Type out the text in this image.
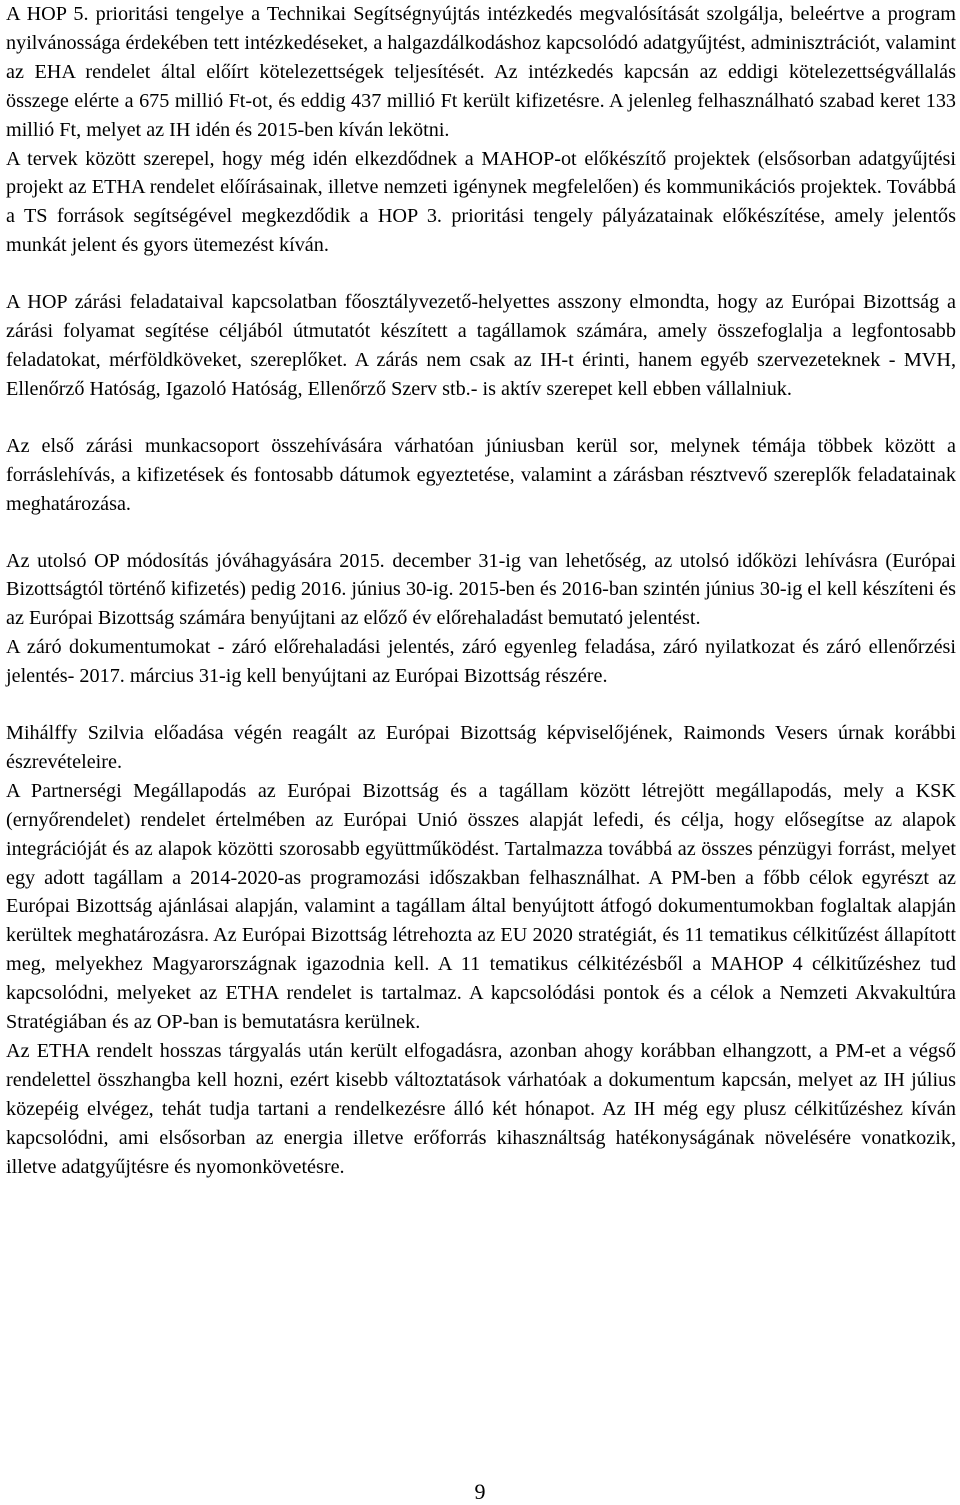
A HOP 5. prioritási tengelye a Technikai Segítségnyújtás intézkedés megvalósítását szolgálja, beleértve a program nyilvánossága érdekében tett intézkedéseket, a halgazdálkodáshoz kapcsolódó adatgyűjtést, adminisztrációt, valamint az EHA rendelet által előírt kötelezettségek teljesítését. Az intézkedés kapcsán az eddigi kötelezettségvállalás összege elérte a 675 millió Ft-ot, és eddig 437 millió Ft került kifizetésre. A jelenleg felhasználható szabad keret 133 millió Ft, melyet az IH idén és 2015-ben kíván lekötni.

A tervek között szerepel, hogy még idén elkezdődnek a MAHOP-ot előkészítő projektek (elsősorban adatgyűjtési projekt az ETHA rendelet előírásainak, illetve nemzeti igénynek megfelelően) és kommunikációs projektek. Továbbá a TS források segítségével megkezdődik a HOP 3. prioritási tengely pályázatainak előkészítése, amely jelentős munkát jelent és gyors ütemezést kíván.

A HOP zárási feladataival kapcsolatban főosztályvezető-helyettes asszony elmondta, hogy az Európai Bizottság a zárási folyamat segítése céljából útmutatót készített a tagállamok számára, amely összefoglalja a legfontosabb feladatokat, mérföldköveket, szereplőket. A zárás nem csak az IH-t érinti, hanem egyéb szervezeteknek - MVH, Ellenőrző Hatóság, Igazoló Hatóság, Ellenőrző Szerv stb.- is aktív szerepet kell ebben vállalniuk.

Az első zárási munkacsoport összehívására várhatóan júniusban kerül sor, melynek témája többek között a forráslehívás, a kifizetések és fontosabb dátumok egyeztetése, valamint a zárásban résztvevő szereplők feladatainak meghatározása.

Az utolsó OP módosítás jóváhagyására 2015. december 31-ig van lehetőség, az utolsó időközi lehívásra (Európai Bizottságtól történő kifizetés) pedig 2016. június 30-ig. 2015-ben és 2016-ban szintén június 30-ig el kell készíteni és az Európai Bizottság számára benyújtani az előző év előrehaladást bemutató jelentést.

A záró dokumentumokat - záró előrehaladási jelentés, záró egyenleg feladása, záró nyilatkozat és záró ellenőrzési jelentés- 2017. március 31-ig kell benyújtani az Európai Bizottság részére.

Mihálffy Szilvia előadása végén reagált az Európai Bizottság képviselőjének, Raimonds Vesers úrnak korábbi észrevételeire.

A Partnerségi Megállapodás az Európai Bizottság és a tagállam között létrejött megállapodás, mely a KSK (ernyőrendelet) rendelet értelmében az Európai Unió összes alapját lefedi, és célja, hogy elősegítse az alapok integrációját és az alapok közötti szorosabb együttműködést. Tartalmazza továbbá az összes pénzügyi forrást, melyet egy adott tagállam a 2014-2020-as programozási időszakban felhasználhat. A PM-ben a főbb célok egyrészt az Európai Bizottság ajánlásai alapján, valamint a tagállam által benyújtott átfogó dokumentumokban foglaltak alapján kerültek meghatározásra. Az Európai Bizottság létrehozta az EU 2020 stratégiát, és 11 tematikus célkitűzést állapított meg, melyekhez Magyarországnak igazodnia kell. A 11 tematikus célkitézésből a MAHOP 4 célkitűzéshez tud kapcsolódni, melyeket az ETHA rendelet is tartalmaz. A kapcsolódási pontok és a célok a Nemzeti Akvakultúra Stratégiában és az OP-ban is bemutatásra kerülnek.

Az ETHA rendelt hosszas tárgyalás után került elfogadásra, azonban ahogy korábban elhangzott, a PM-et a végső rendelettel összhangba kell hozni, ezért kisebb változtatások várhatóak a dokumentum kapcsán, melyet az IH július közepéig elvégez, tehát tudja tartani a rendelkezésre álló két hónapot. Az IH még egy plusz célkitűzéshez kíván kapcsolódni, ami elsősorban az energia illetve erőforrás kihasználtság hatékonyságának növelésére vonatkozik, illetve adatgyűjtésre és nyomonkövetésre.

9
